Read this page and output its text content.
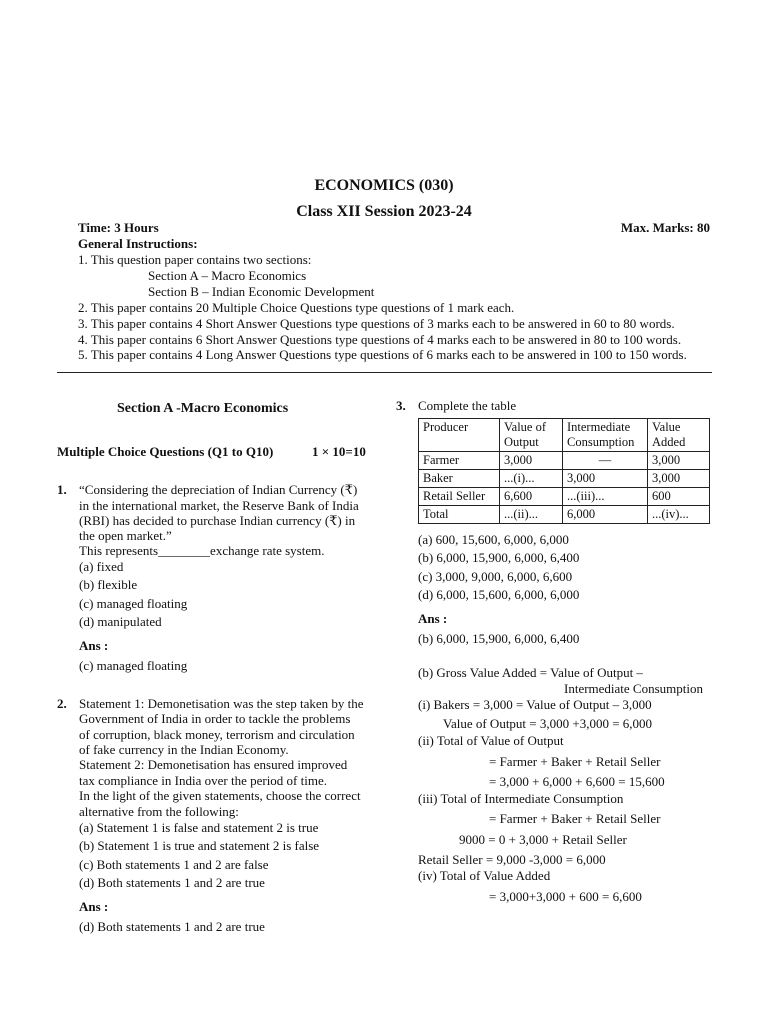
ECONOMICS (030)
Class XII Session 2023-24
Time: 3 Hours	Max. Marks: 80
General Instructions:
1. This question paper contains two sections:
Section A – Macro Economics
Section B – Indian Economic Development
2. This paper contains 20 Multiple Choice Questions type questions of 1 mark each.
3. This paper contains 4 Short Answer Questions type questions of 3 marks each to be answered in 60 to 80 words.
4. This paper contains 6 Short Answer Questions type questions of 4 marks each to be answered in 80 to 100 words.
5. This paper contains 4 Long Answer Questions type questions of 6 marks each to be answered in 100 to 150 words.
Section A -Macro Economics
Multiple Choice Questions (Q1 to Q10)	1 × 10=10
1. “Considering the depreciation of Indian Currency (₹)
in the international market, the Reserve Bank of India
(RBI) has decided to purchase Indian currency (₹) in
the open market.”
This represents________exchange rate system.
(a) fixed
(b) flexible
(c) managed floating
(d) manipulated
Ans :
(c) managed floating
2. Statement 1: Demonetisation was the step taken by the
Government of India in order to tackle the problems
of corruption, black money, terrorism and circulation
of fake currency in the Indian Economy.
Statement 2: Demonetisation has ensured improved
tax compliance in India over the period of time.
In the light of the given statements, choose the correct
alternative from the following:
(a) Statement 1 is false and statement 2 is true
(b) Statement 1 is true and statement 2 is false
(c) Both statements 1 and 2 are false
(d) Both statements 1 and 2 are true
Ans :
(d) Both statements 1 and 2 are true
3. Complete the table
Producer	Value of Output	Intermediate Consumption	Value Added
Farmer	3,000	—	3,000
Baker	...(i)...	3,000	3,000
Retail Seller	6,600	...(iii)...	600
Total	...(ii)...	6,000	...(iv)...
(a) 600, 15,600, 6,000, 6,000
(b) 6,000, 15,900, 6,000, 6,400
(c) 3,000, 9,000, 6,000, 6,600
(d) 6,000, 15,600, 6,000, 6,000
Ans :
(b) 6,000, 15,900, 6,000, 6,400
(b) Gross Value Added = Value of Output –
Intermediate Consumption
(i) Bakers = 3,000 = Value of Output – 3,000
Value of Output = 3,000 +3,000 = 6,000
(ii) Total of Value of Output
= Farmer + Baker + Retail Seller
= 3,000 + 6,000 + 6,600 = 15,600
(iii) Total of Intermediate Consumption
= Farmer + Baker + Retail Seller
9000 = 0 + 3,000 + Retail Seller
Retail Seller = 9,000 -3,000 = 6,000
(iv) Total of Value Added
= 3,000+3,000 + 600 = 6,600
